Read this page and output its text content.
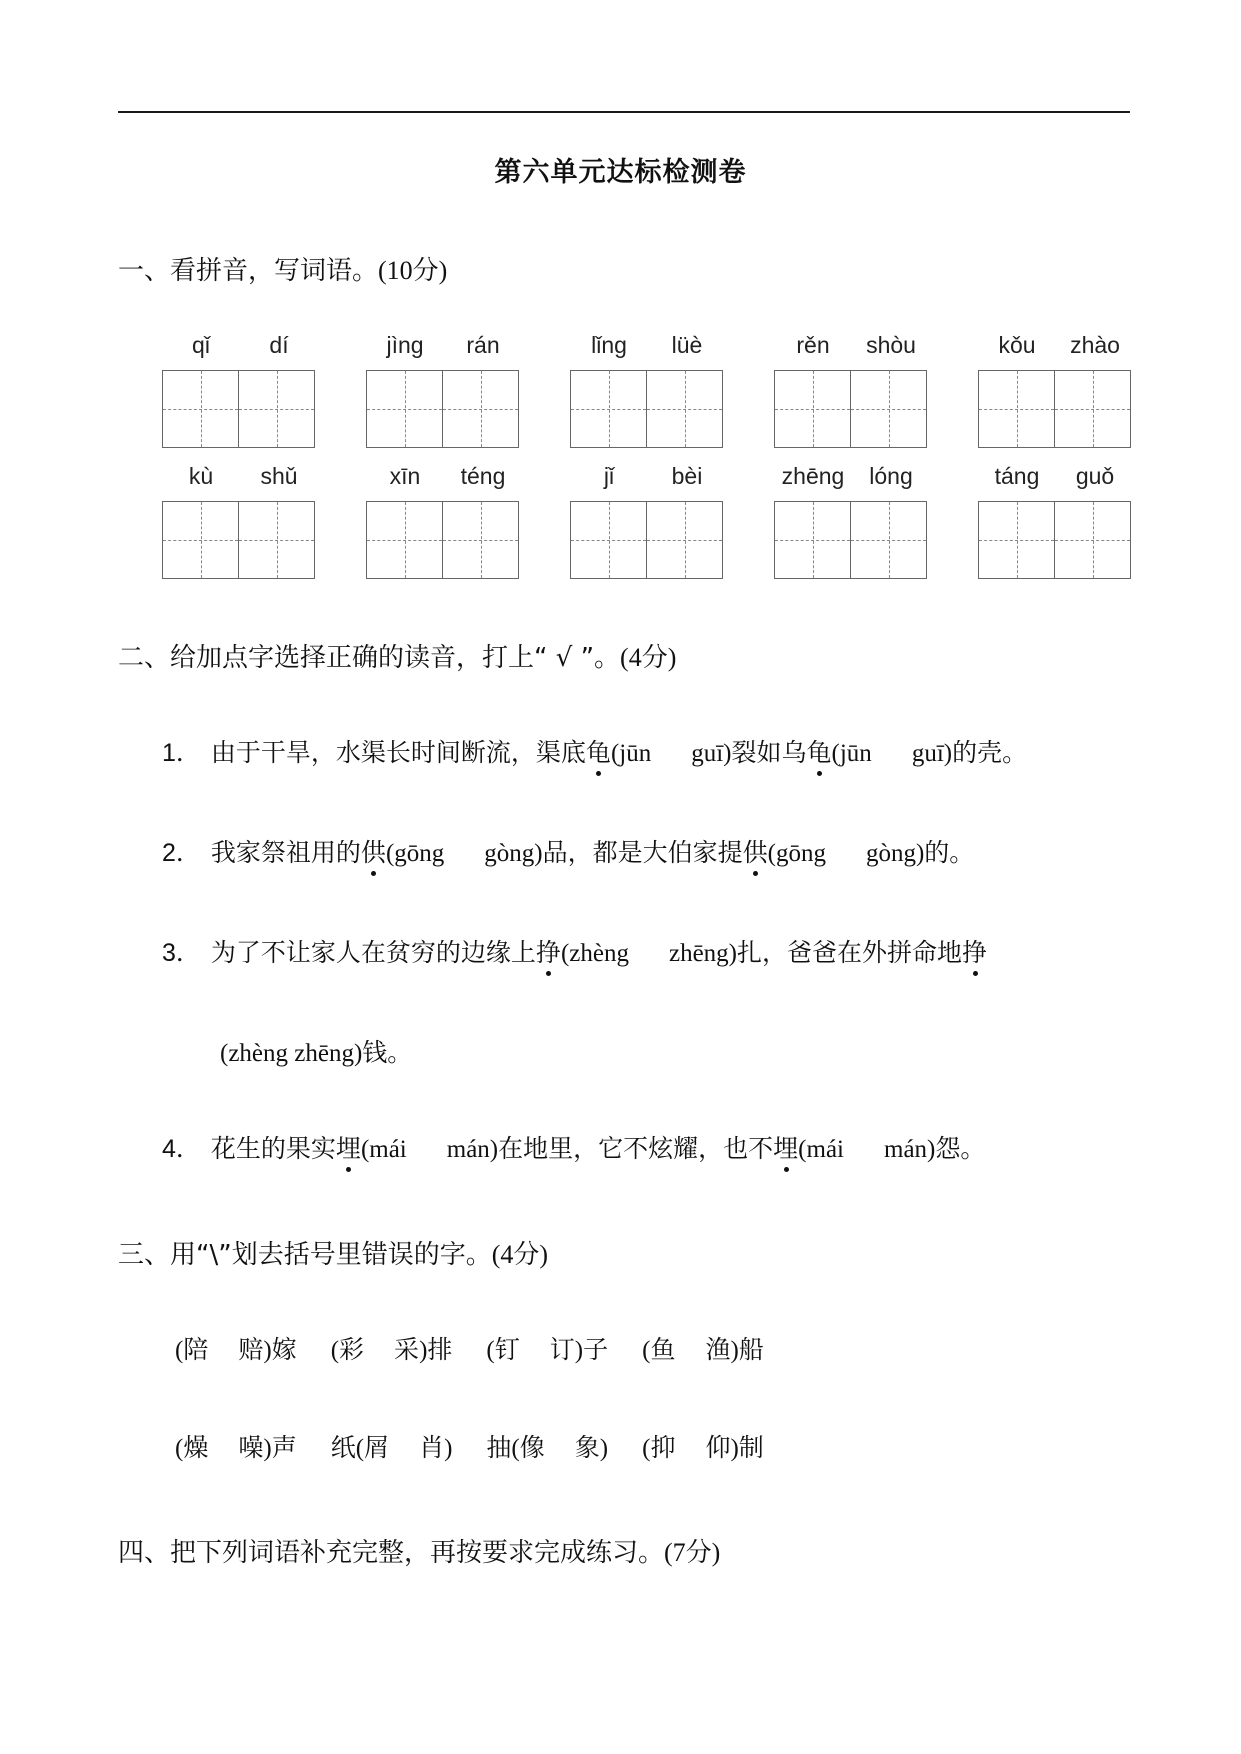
第六单元达标检测卷
一、看拼音，写词语。(10分)
qǐ	dí	jìng	rán	lǐng	lüè	rěn	shòu	kǒu	zhào
kù	shǔ	xīn	téng	jǐ	bèi	zhēng	lóng	táng	guǒ
二、给加点字选择正确的读音，打上“ √ ”。(4分)
1． 由于干旱，水渠长时间断流，渠底龟(jūn guī)裂如乌龟(jūn guī)的壳。
2． 我家祭祖用的供(gōng gòng)品，都是大伯家提供(gōng gòng)的。
3． 为了不让家人在贫穷的边缘上挣(zhèng zhēng)扎，爸爸在外拼命地挣
(zhèng zhēng)钱。
4． 花生的果实埋(mái mán)在地里，它不炫耀，也不埋(mái mán)怨。
三、用“\”划去括号里错误的字。(4分)
(陪 赔)嫁 (彩 采)排 (钉 订)子 (鱼 渔)船
(燥 噪)声 纸(屑 肖) 抽(像 象) (抑 仰)制
四、把下列词语补充完整，再按要求完成练习。(7分)
